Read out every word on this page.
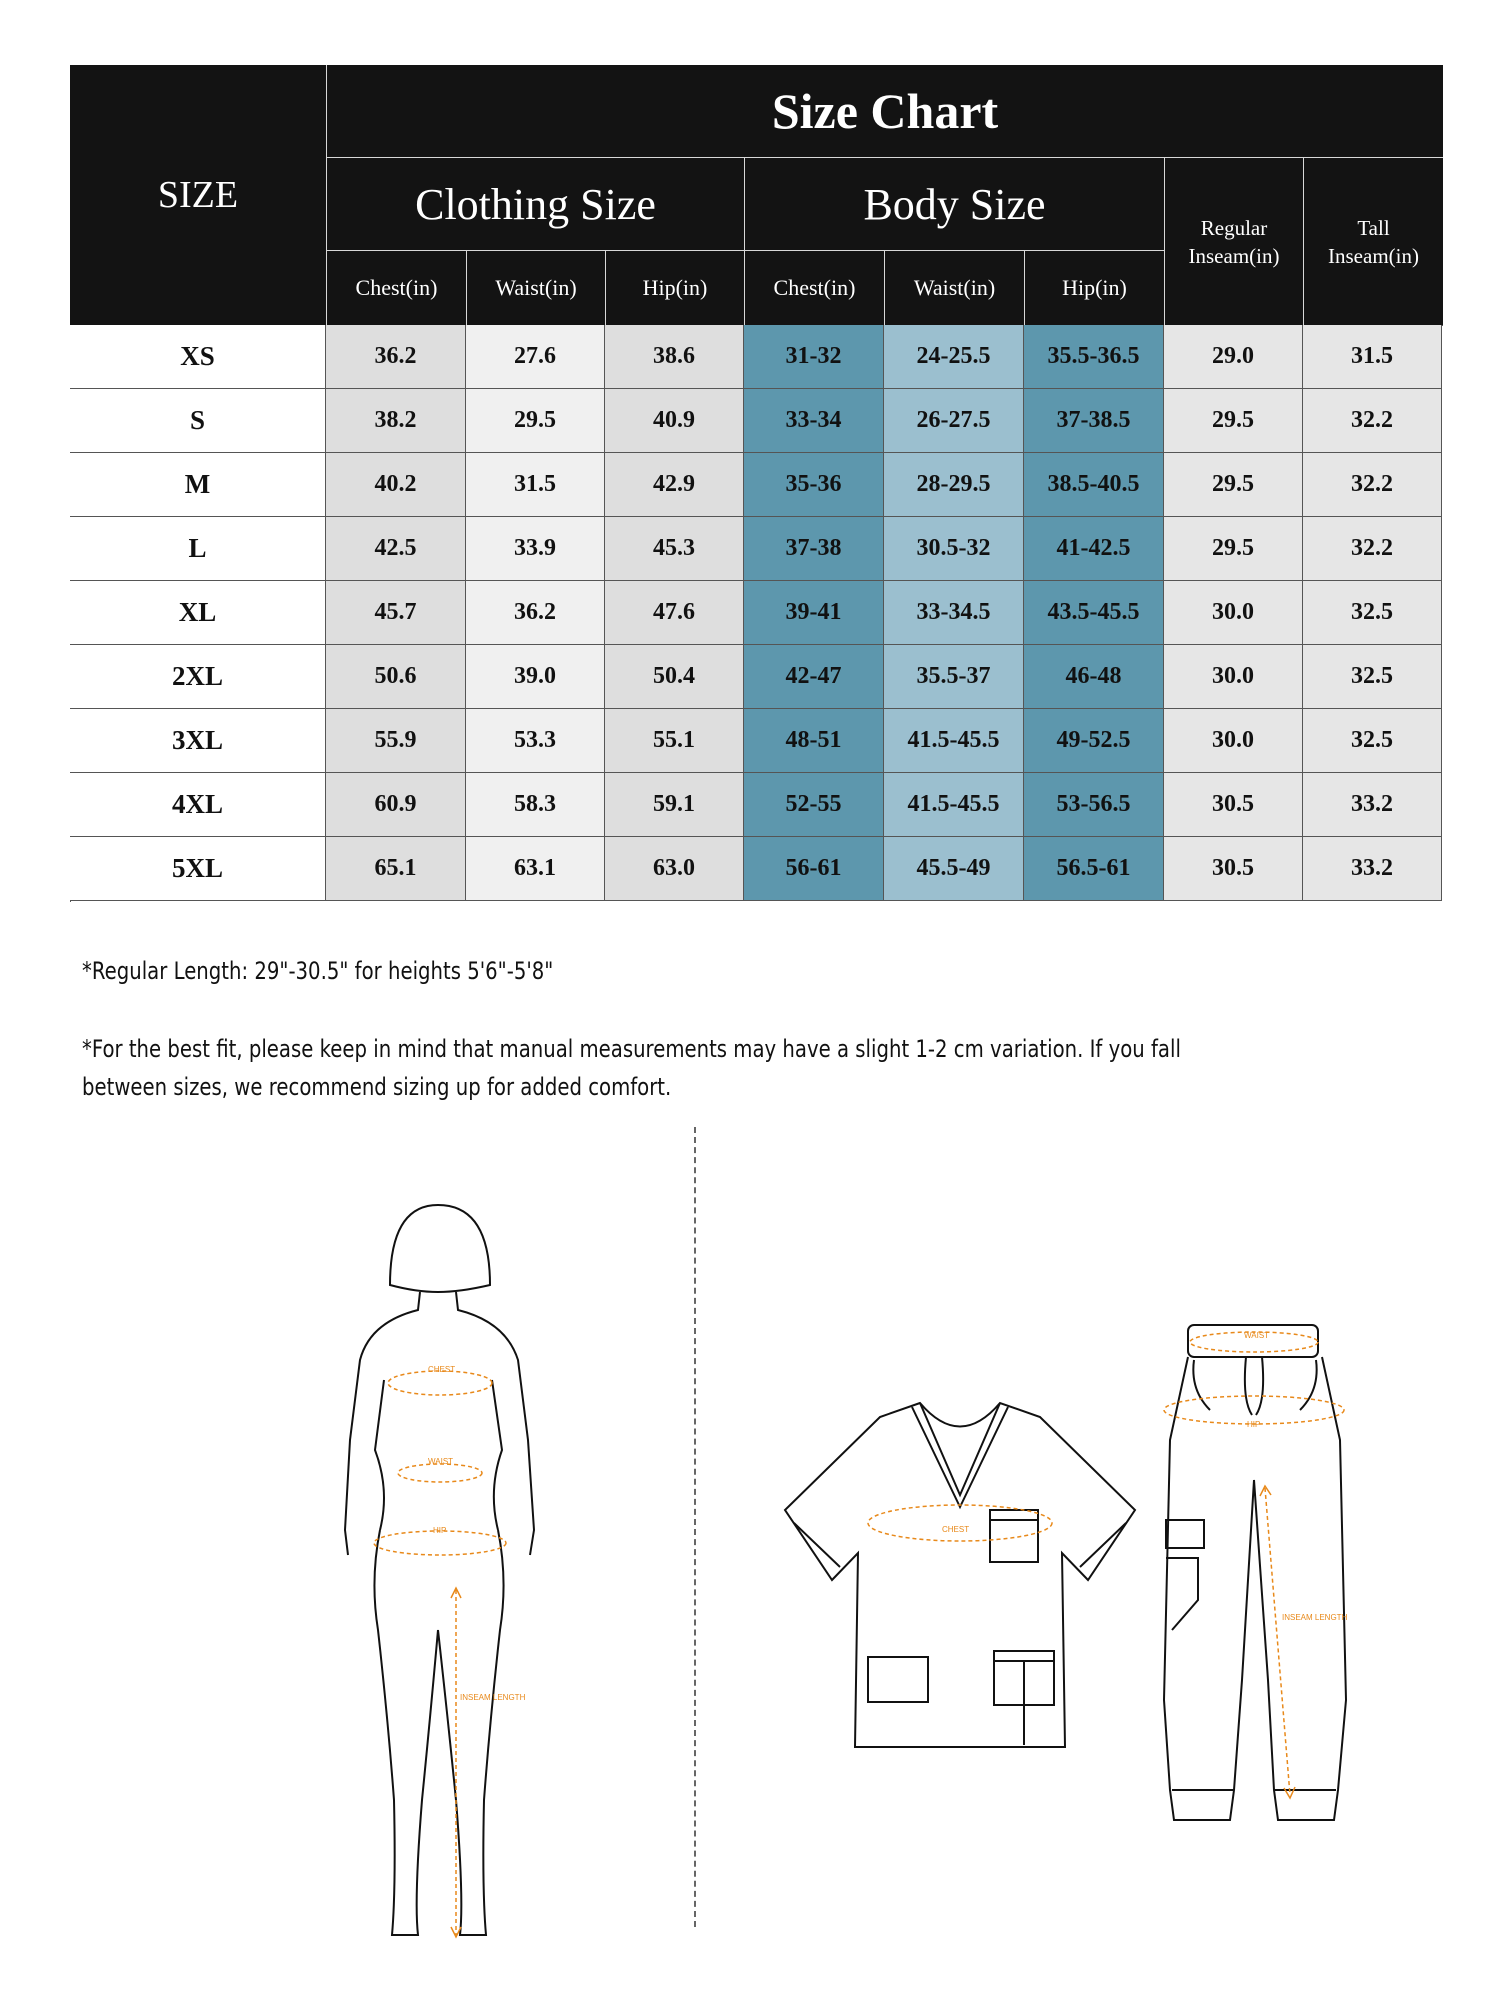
SIZE
Size Chart
Clothing Size	Body Size
Chest(in)	Waist(in)	Hip(in)	Chest(in)	Waist(in)	Hip(in)
Regular
Inseam(in)
Tall
Inseam(in)
XS	36.2	27.6	38.6	31-32	24-25.5	35.5-36.5	29.0	31.5
S	38.2	29.5	40.9	33-34	26-27.5	37-38.5	29.5	32.2
M	40.2	31.5	42.9	35-36	28-29.5	38.5-40.5	29.5	32.2
L	42.5	33.9	45.3	37-38	30.5-32	41-42.5	29.5	32.2
XL	45.7	36.2	47.6	39-41	33-34.5	43.5-45.5	30.0	32.5
2XL	50.6	39.0	50.4	42-47	35.5-37	46-48	30.0	32.5
3XL	55.9	53.3	55.1	48-51	41.5-45.5	49-52.5	30.0	32.5
4XL	60.9	58.3	59.1	52-55	41.5-45.5	53-56.5	30.5	33.2
5XL	65.1	63.1	63.0	56-61	45.5-49	56.5-61	30.5	33.2
*Regular Length: 29"-30.5" for heights 5'6"-5'8"
*For the best fit, please keep in mind that manual measurements may have a slight 1-2 cm variation. If you fall between sizes, we recommend sizing up for added comfort.
CHEST
WAIST
HIP
INSEAM LENGTH
CHEST
WAIST
HIP
INSEAM LENGTH
